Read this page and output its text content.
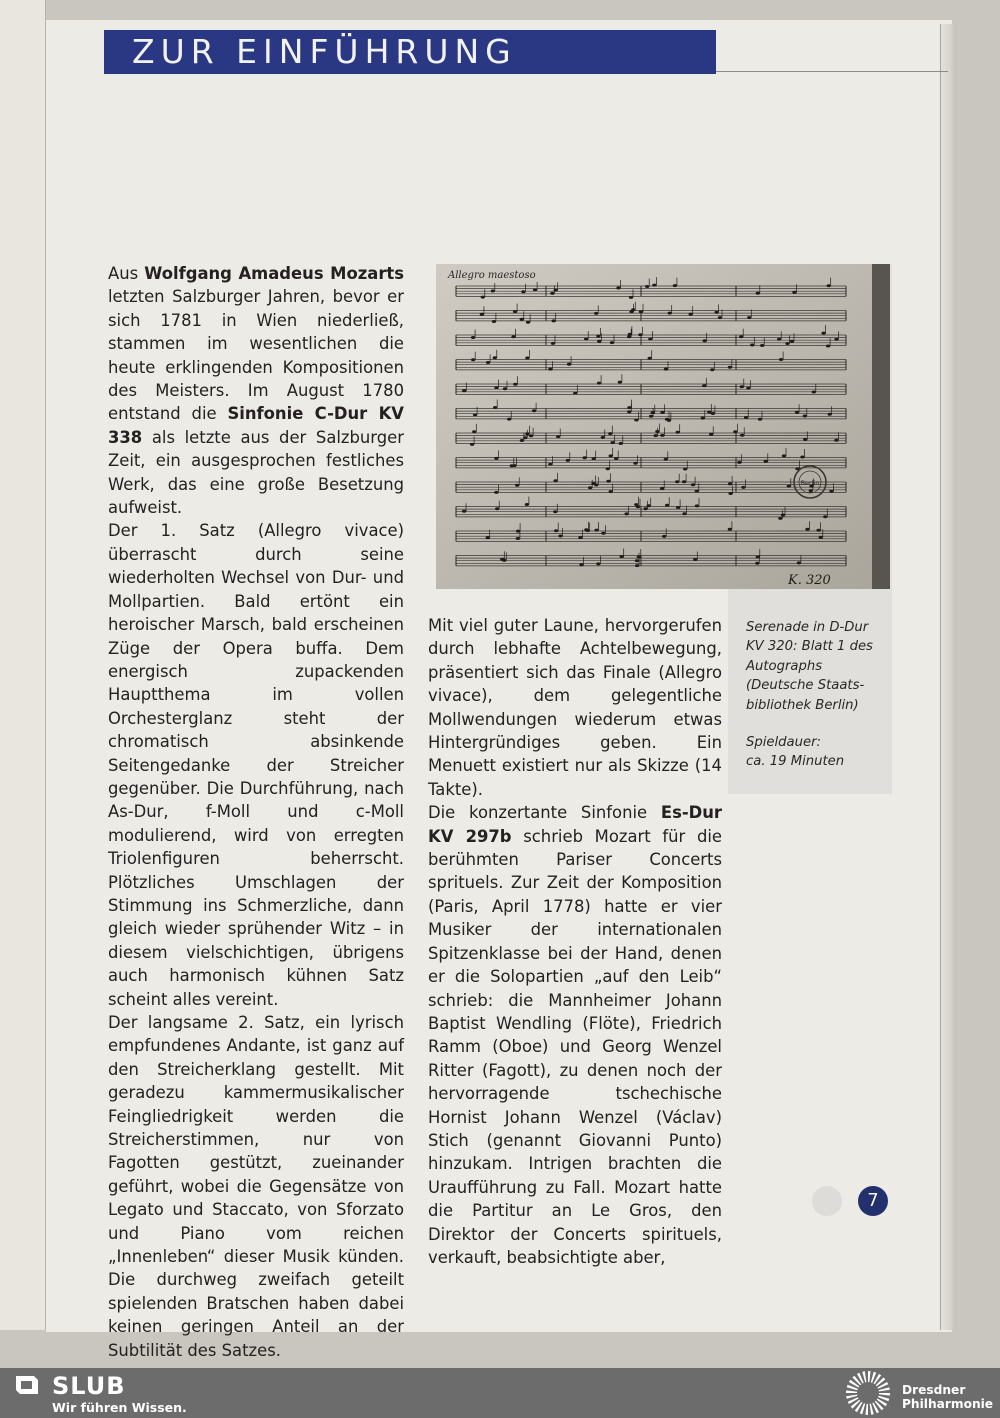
ZUR EINFÜHRUNG

Aus Wolfgang Amadeus Mozarts letzten Salzburger Jahren, bevor er sich 1781 in Wien niederließ, stammen im wesentlichen die heute erklingenden Kompositionen des Meisters. Im August 1780 entstand die Sinfonie C-Dur KV 338 als letzte aus der Salzburger Zeit, ein ausgesprochen festliches Werk, das eine große Besetzung aufweist.

Der 1. Satz (Allegro vivace) überrascht durch seine wiederholten Wechsel von Dur- und Mollpartien. Bald ertönt ein heroischer Marsch, bald erscheinen Züge der Opera buffa. Dem energisch zupackenden Hauptthema im vollen Orchesterglanz steht der chromatisch absinkende Seitengedanke der Streicher gegenüber. Die Durchführung, nach As-Dur, f-Moll und c-Moll modulierend, wird von erregten Triolenfiguren beherrscht. Plötzliches Umschlagen der Stimmung ins Schmerzliche, dann gleich wieder sprühender Witz – in diesem vielschichtigen, übrigens auch harmonisch kühnen Satz scheint alles vereint.

Der langsame 2. Satz, ein lyrisch empfundenes Andante, ist ganz auf den Streicherklang gestellt. Mit geradezu kammermusikalischer Feingliedrigkeit werden die Streicherstimmen, nur von Fagotten gestützt, zueinander geführt, wobei die Gegensätze von Legato und Staccato, von Sforzato und Piano vom reichen „Innenleben“ dieser Musik künden. Die durchweg zweifach geteilt spielenden Bratschen haben dabei keinen geringen Anteil an der Subtilität des Satzes.

Allegro maestoso
Berlin
K. 320

Mit viel guter Laune, hervorgerufen durch lebhafte Achtelbewegung, präsentiert sich das Finale (Allegro vivace), dem gelegentliche Mollwendungen wiederum etwas Hintergründiges geben. Ein Menuett existiert nur als Skizze (14 Takte).

Die konzertante Sinfonie Es-Dur KV 297b schrieb Mozart für die berühmten Pariser Concerts sprituels. Zur Zeit der Komposition (Paris, April 1778) hatte er vier Musiker der internationalen Spitzenklasse bei der Hand, denen er die Solopartien „auf den Leib“ schrieb: die Mannheimer Johann Baptist Wendling (Flöte), Friedrich Ramm (Oboe) und Georg Wenzel Ritter (Fagott), zu denen noch der hervorragende tschechische Hornist Johann Wenzel (Václav) Stich (genannt Giovanni Punto) hinzukam. Intrigen brachten die Uraufführung zu Fall. Mozart hatte die Partitur an Le Gros, den Direktor der Concerts spirituels, verkauft, beabsichtigte aber,

Serenade in D-Dur
KV 320: Blatt 1 des
Autographs
(Deutsche Staats-
bibliothek Berlin)
Spieldauer:
ca. 19 Minuten
7
SLUB
Wir führen Wissen.
Dresdner
Philharmonie
